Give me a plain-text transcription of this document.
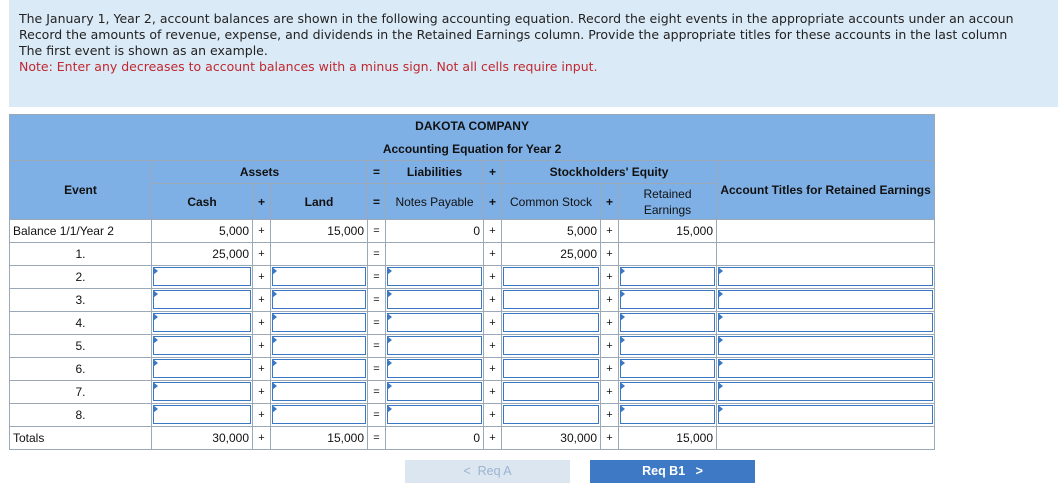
The January 1, Year 2, account balances are shown in the following accounting equation. Record the eight events in the appropriate accounts under an accoun
Record the amounts of revenue, expense, and dividends in the Retained Earnings column. Provide the appropriate titles for these accounts in the last column
The first event is shown as an example.
Note: Enter any decreases to account balances with a minus sign. Not all cells require input.
DAKOTA COMPANY										
Accounting Equation for Year 2										
Event	Assets			=	Liabilities	+	Stockholders' Equity			Account Titles for Retained Earnings
	Cash	+	Land	=	Notes Payable	+	Common Stock	+	Retained Earnings	
Balance 1/1/Year 2	5,000	+	15,000	=	0	+	5,000	+	15,000	
1.	25,000	+		=		+	25,000	+		
2.		+		=		+		+	

3.		+		=		+		+	

4.		+		=		+		+	

5.		+		=		+		+	

6.		+		=		+		+	

7.		+		=		+		+	

8.		+		=		+		+	

Totals	30,000	+	15,000	=	0	+	30,000	+	15,000	
< Req A	Req B1 >
